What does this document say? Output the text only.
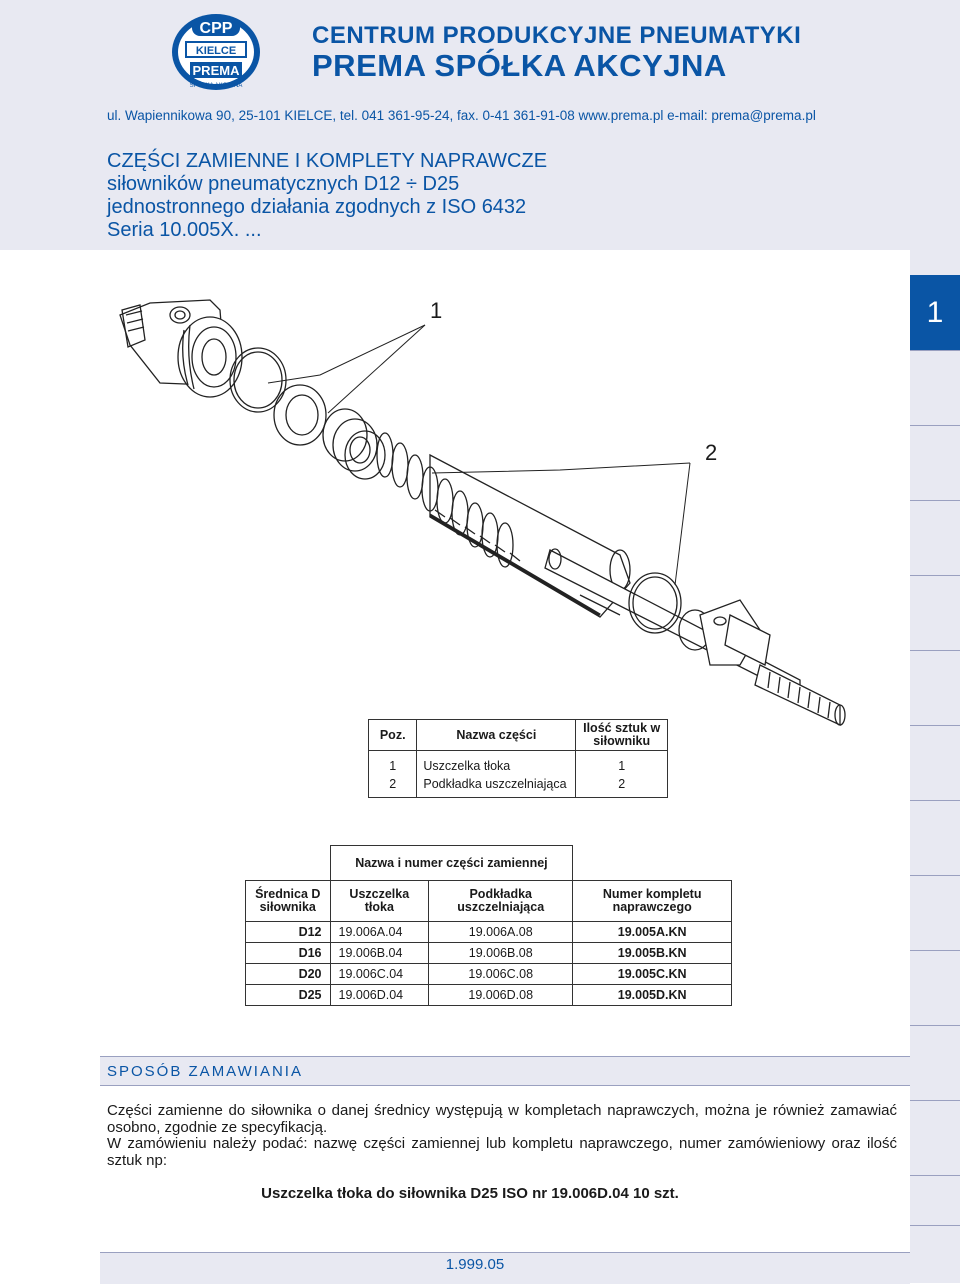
1
CPP
KIELCE
PREMA
SPÓŁKA AKCYJNA
CENTRUM PRODUKCYJNE PNEUMATYKI
PREMA SPÓŁKA AKCYJNA
ul. Wapiennikowa 90, 25-101 KIELCE, tel. 041 361-95-24, fax. 0-41 361-91-08 www.prema.pl e-mail: prema@prema.pl
CZĘŚCI ZAMIENNE I KOMPLETY NAPRAWCZE
siłowników pneumatycznych D12 ÷ D25
jednostronnego działania zgodnych z ISO 6432
Seria 10.005X. ...
1
2
Poz.	Nazwa części	Ilość sztuk w siłowniku
1	Uszczelka tłoka	1
2	Podkładka uszczelniająca	2
	Nazwa i numer części zamiennej		
Średnica D siłownika	Uszczelka tłoka	Podkładka uszczelniająca	Numer kompletu naprawczego
D12	19.006A.04	19.006A.08	19.005A.KN
D16	19.006B.04	19.006B.08	19.005B.KN
D20	19.006C.04	19.006C.08	19.005C.KN
D25	19.006D.04	19.006D.08	19.005D.KN
SPOSÓB ZAMAWIANIA
Części zamienne do siłownika o danej średnicy występują w kompletach naprawczych, można je również zamawiać osobno, zgodnie ze specyfikacją.
W zamówieniu należy podać: nazwę części zamiennej lub kompletu naprawczego, numer zamówieniowy oraz ilość sztuk np:
Uszczelka tłoka do siłownika D25 ISO nr 19.006D.04 10 szt.
1.999.05
